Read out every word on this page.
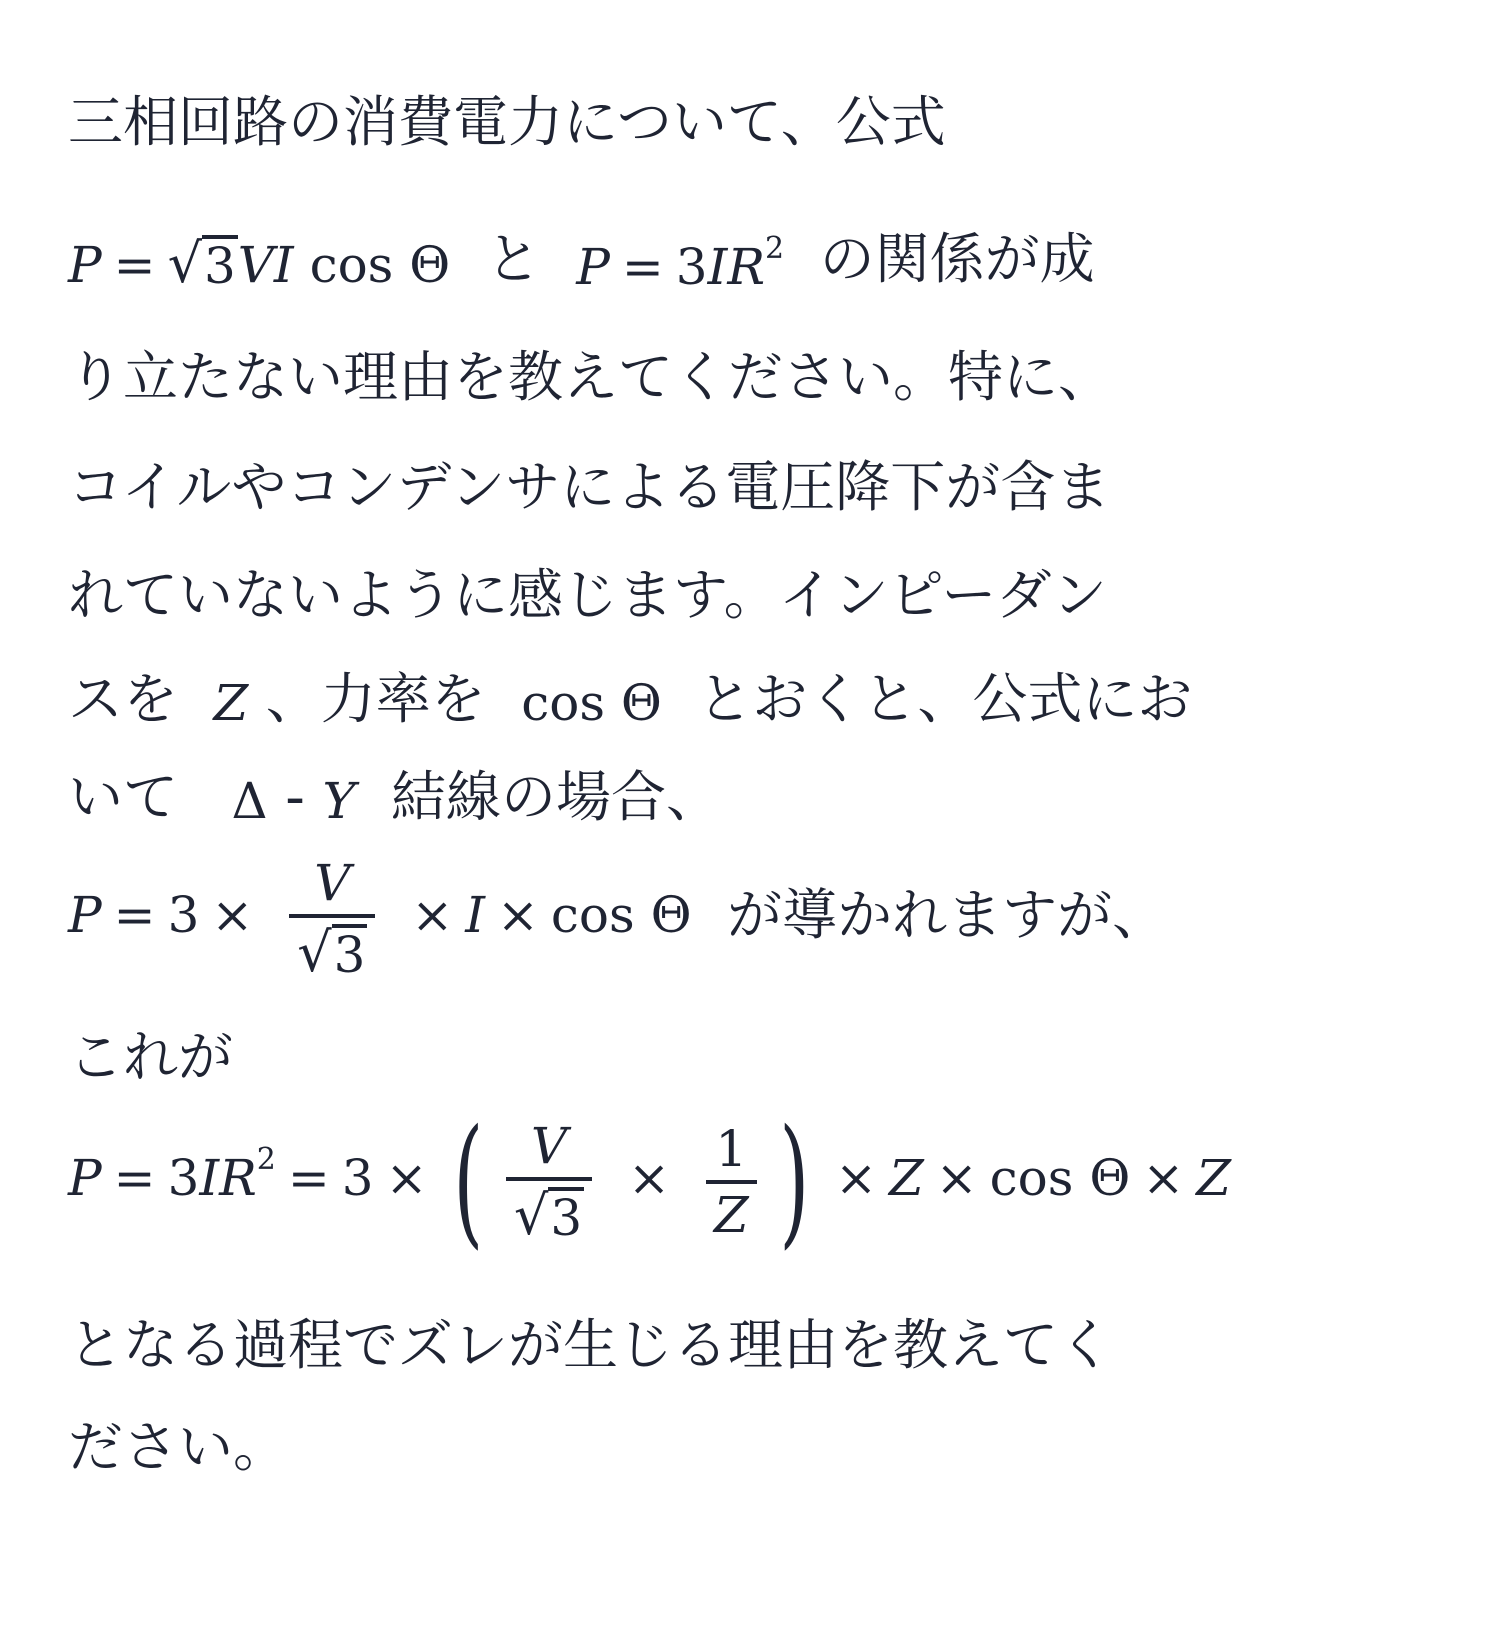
三相回路の消費電力について、公式
P = √ 3 VI cos Θ と $P = 3IR^2$ の関係が成
り立たない理由を教えてください。特に、
コイルやコンデンサによる電圧降下が含ま
れていないように感じます。インピーダン
スを Z 、力率を cos Θ とおくと、公式にお
いて Δ - Y 結線の場合、
$P = 3 \times \frac{V}{√ 3} \times I \times \cos \Theta$ が導かれますが、
これが
$P = 3IR^2 = 3$ × ( $\frac{V}{√ 3} \times \frac{1}{Z}$ ) × Z × cos Θ × Z
となる過程でズレが生じる理由を教えてく
ださい。
